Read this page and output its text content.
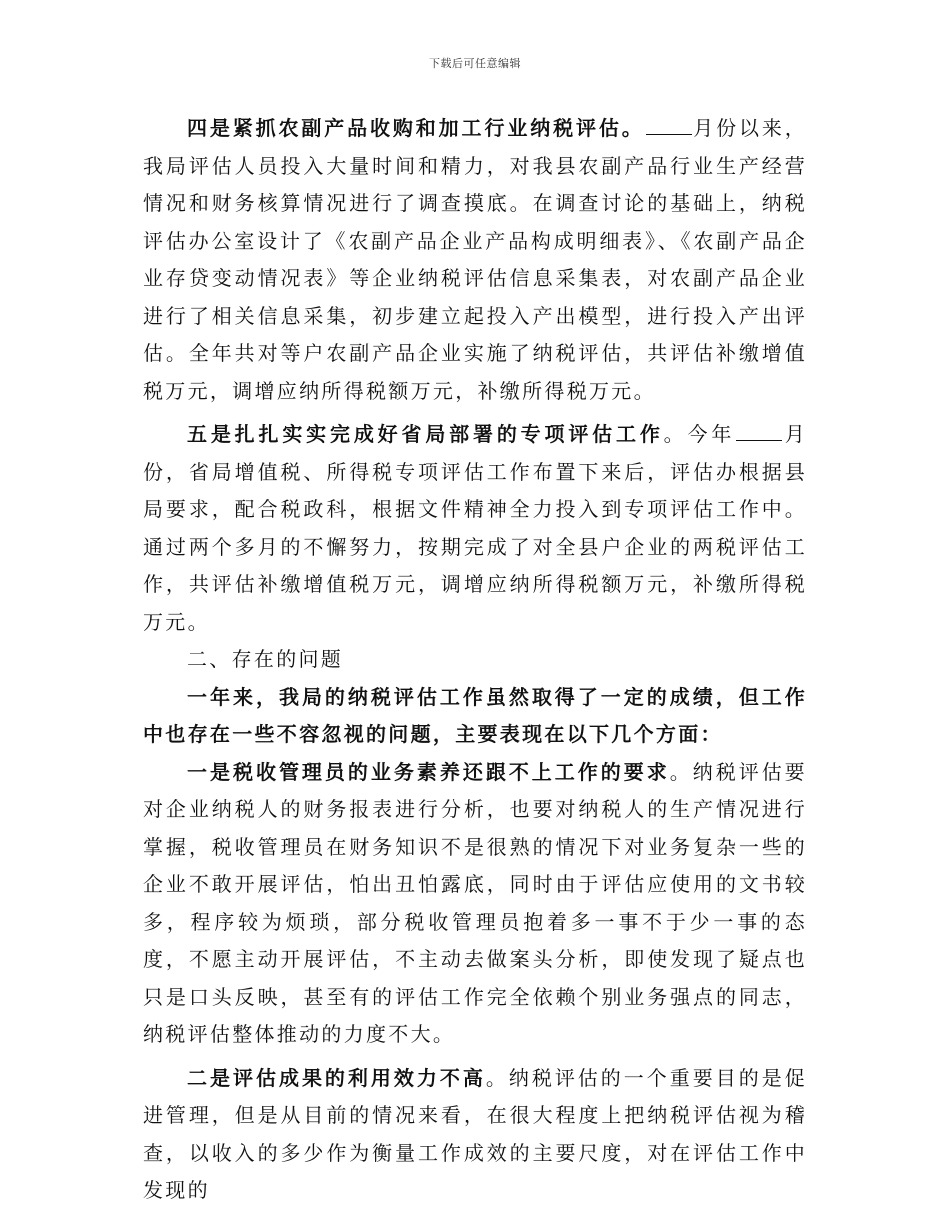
下载后可任意编辑

四是紧抓农副产品收购和加工行业纳税评估。 月份以来，我局评估人员投入大量时间和精力，对我县农副产品行业生产经营情况和财务核算情况进行了调查摸底。在调查讨论的基础上，纳税评估办公室设计了《农副产品企业产品构成明细表》、《农副产品企业存贷变动情况表》等企业纳税评估信息采集表，对农副产品企业进行了相关信息采集，初步建立起投入产出模型，进行投入产出评估。全年共对等户农副产品企业实施了纳税评估，共评估补缴增值税万元，调增应纳所得税额万元，补缴所得税万元。

五是扎扎实实完成好省局部署的专项评估工作。今年 月份，省局增值税、所得税专项评估工作布置下来后，评估办根据县局要求，配合税政科，根据文件精神全力投入到专项评估工作中。通过两个多月的不懈努力，按期完成了对全县户企业的两税评估工作，共评估补缴增值税万元，调增应纳所得税额万元，补缴所得税万元。

二、存在的问题

一年来，我局的纳税评估工作虽然取得了一定的成绩，但工作中也存在一些不容忽视的问题，主要表现在以下几个方面：

一是税收管理员的业务素养还跟不上工作的要求。纳税评估要对企业纳税人的财务报表进行分析，也要对纳税人的生产情况进行掌握，税收管理员在财务知识不是很熟的情况下对业务复杂一些的企业不敢开展评估，怕出丑怕露底，同时由于评估应使用的文书较多，程序较为烦琐，部分税收管理员抱着多一事不于少一事的态度，不愿主动开展评估，不主动去做案头分析，即使发现了疑点也只是口头反映，甚至有的评估工作完全依赖个别业务强点的同志，纳税评估整体推动的力度不大。

二是评估成果的利用效力不高。纳税评估的一个重要目的是促进管理，但是从目前的情况来看，在很大程度上把纳税评估视为稽查，以收入的多少作为衡量工作成效的主要尺度，对在评估工作中发现的
